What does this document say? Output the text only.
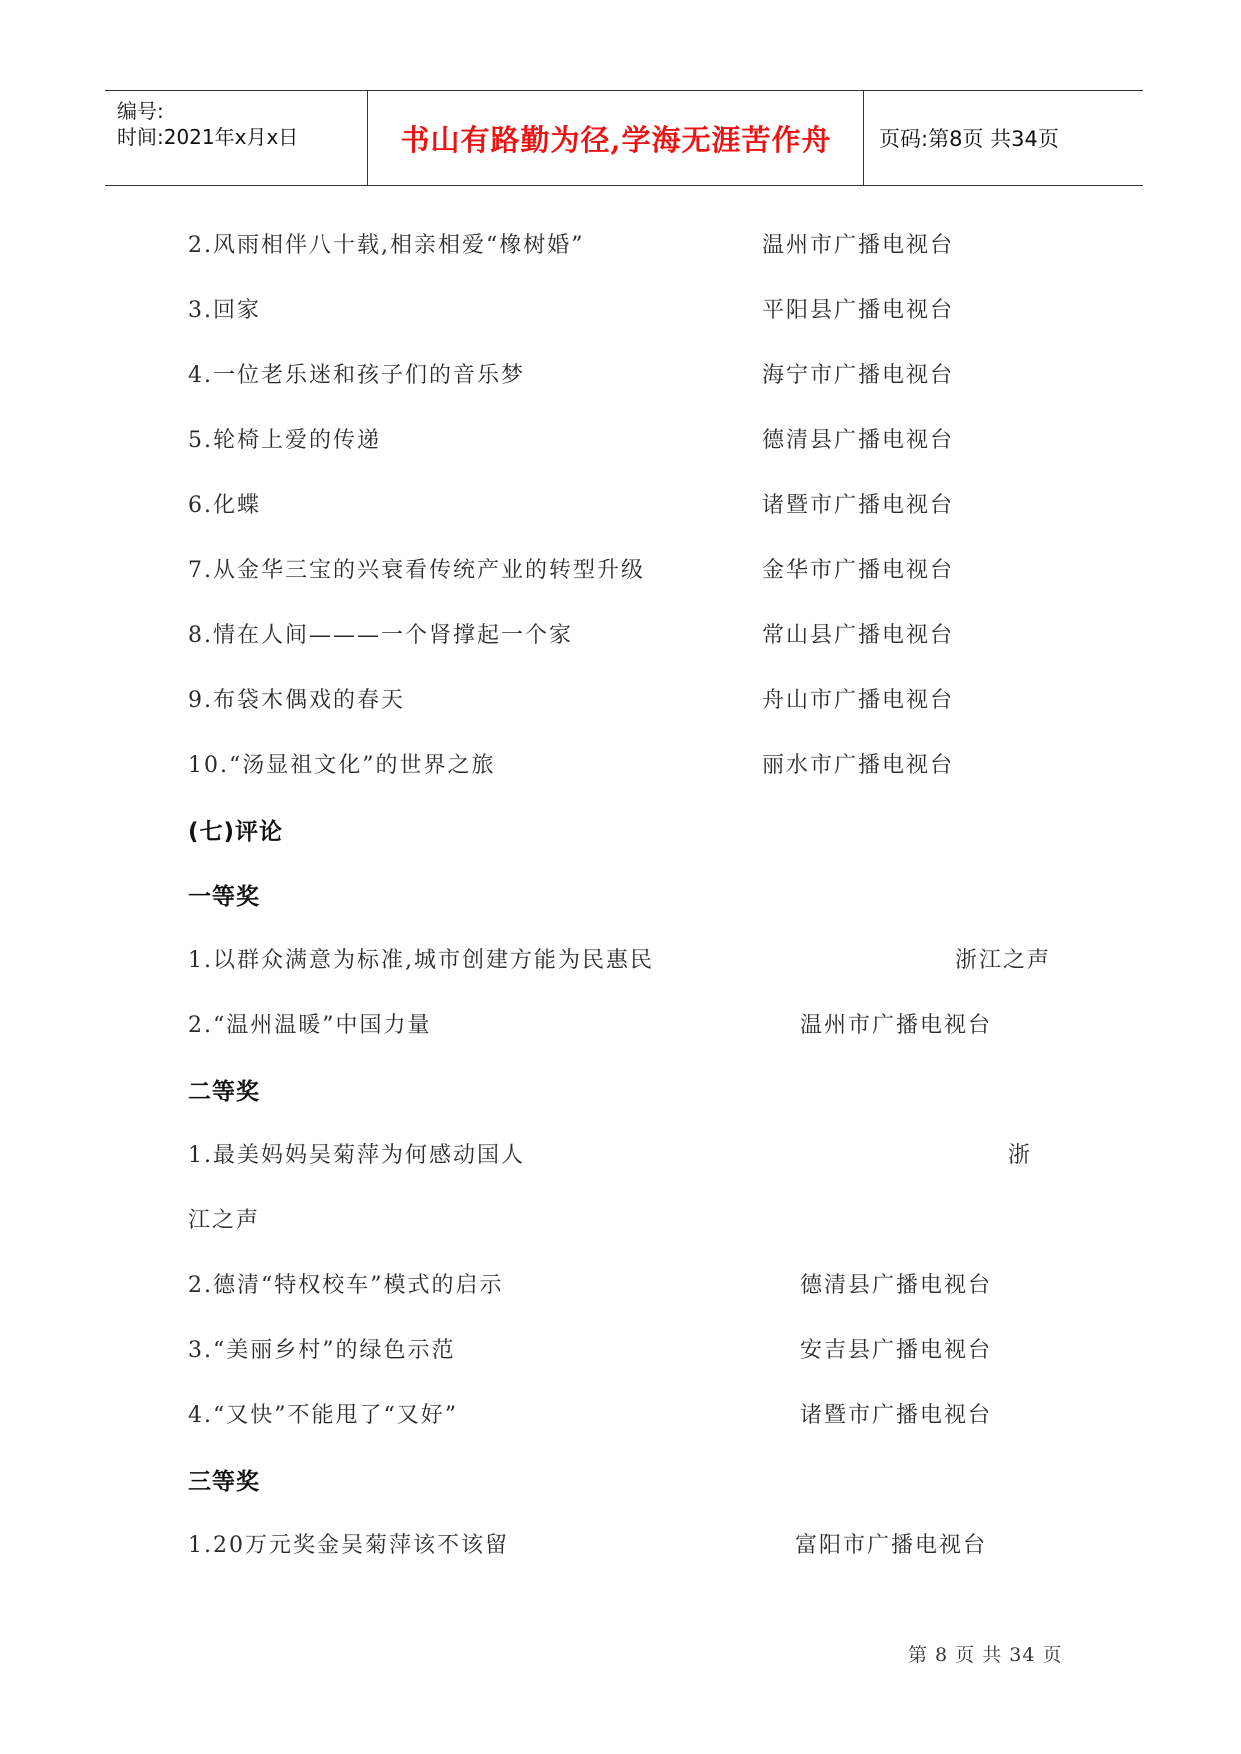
编号:
时间:2021年x月x日	书山有路勤为径,学海无涯苦作舟 页码:第8页 共34页
2.风雨相伴八十载,相亲相爱“橡树婚”	温州市广播电视台
3.回家	平阳县广播电视台
4.一位老乐迷和孩子们的音乐梦	海宁市广播电视台
5.轮椅上爱的传递	德清县广播电视台
6.化蝶	诸暨市广播电视台
7.从金华三宝的兴衰看传统产业的转型升级	金华市广播电视台
8.情在人间———一个肾撑起一个家	常山县广播电视台
9.布袋木偶戏的春天	舟山市广播电视台
10.“汤显祖文化”的世界之旅	丽水市广播电视台
(七)评论
一等奖
1.以群众满意为标准,城市创建方能为民惠民	浙江之声
2.“温州温暖”中国力量	温州市广播电视台
二等奖
1.最美妈妈吴菊萍为何感动国人	浙
江之声
2.德清“特权校车”模式的启示	德清县广播电视台
3.“美丽乡村”的绿色示范	安吉县广播电视台
4.“又快”不能甩了“又好”	诸暨市广播电视台
三等奖
1.20万元奖金吴菊萍该不该留	富阳市广播电视台
第 8 页 共 34 页
